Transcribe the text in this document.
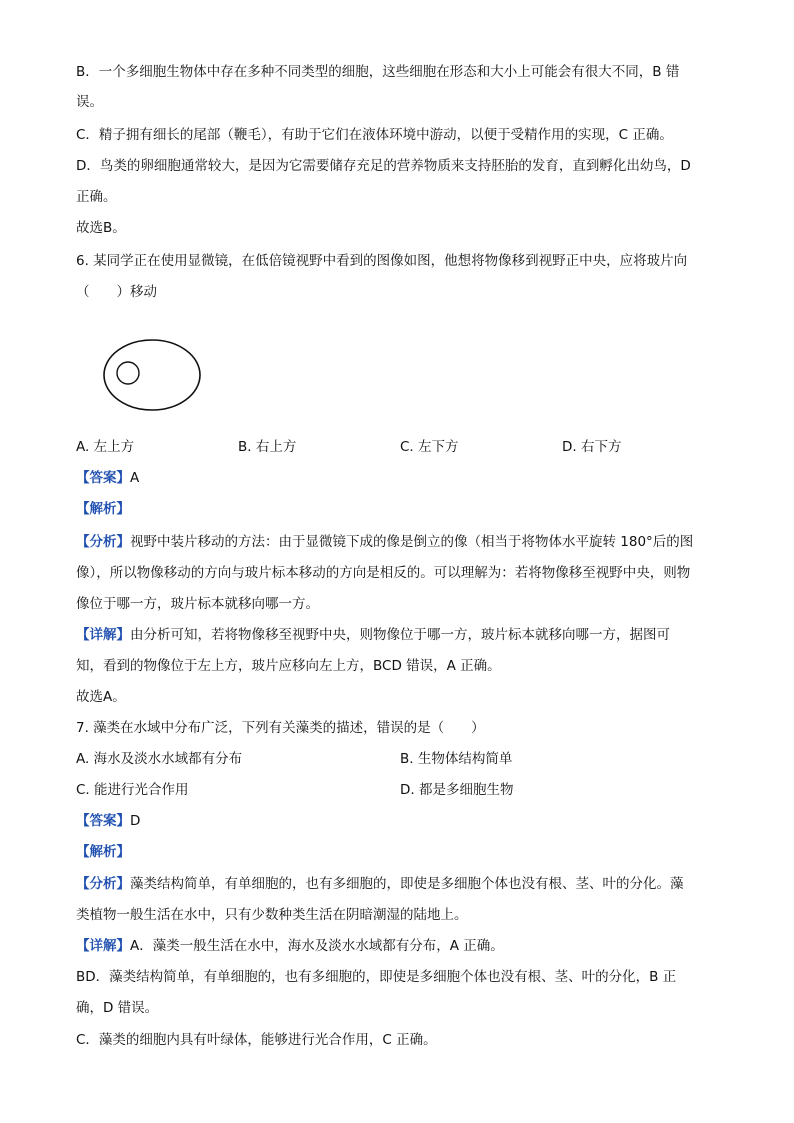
B．一个多细胞生物体中存在多种不同类型的细胞，这些细胞在形态和大小上可能会有很大不同，B 错
误。
C．精子拥有细长的尾部（鞭毛），有助于它们在液体环境中游动，以便于受精作用的实现，C 正确。
D．鸟类的卵细胞通常较大，是因为它需要储存充足的营养物质来支持胚胎的发育，直到孵化出幼鸟，D
正确。
故选B。
6. 某同学正在使用显微镜，在低倍镜视野中看到的图像如图，他想将物像移到视野正中央，应将玻片向
（　　）移动
A. 左上方	B. 右上方	C. 左下方	D. 右下方
【答案】A
【解析】
【分析】视野中装片移动的方法：由于显微镜下成的像是倒立的像（相当于将物体水平旋转 180°后的图
像），所以物像移动的方向与玻片标本移动的方向是相反的。可以理解为：若将物像移至视野中央，则物
像位于哪一方，玻片标本就移向哪一方。
【详解】由分析可知，若将物像移至视野中央，则物像位于哪一方，玻片标本就移向哪一方，据图可
知，看到的物像位于左上方，玻片应移向左上方，BCD 错误，A 正确。
故选A。
7. 藻类在水域中分布广泛，下列有关藻类的描述，错误的是（　　）
A. 海水及淡水水域都有分布	B. 生物体结构简单
C. 能进行光合作用	D. 都是多细胞生物
【答案】D
【解析】
【分析】藻类结构简单，有单细胞的，也有多细胞的，即使是多细胞个体也没有根、茎、叶的分化。藻
类植物一般生活在水中，只有少数种类生活在阴暗潮湿的陆地上。
【详解】A．藻类一般生活在水中，海水及淡水水域都有分布，A 正确。
BD．藻类结构简单，有单细胞的，也有多细胞的，即使是多细胞个体也没有根、茎、叶的分化，B 正
确，D 错误。
C．藻类的细胞内具有叶绿体，能够进行光合作用，C 正确。
